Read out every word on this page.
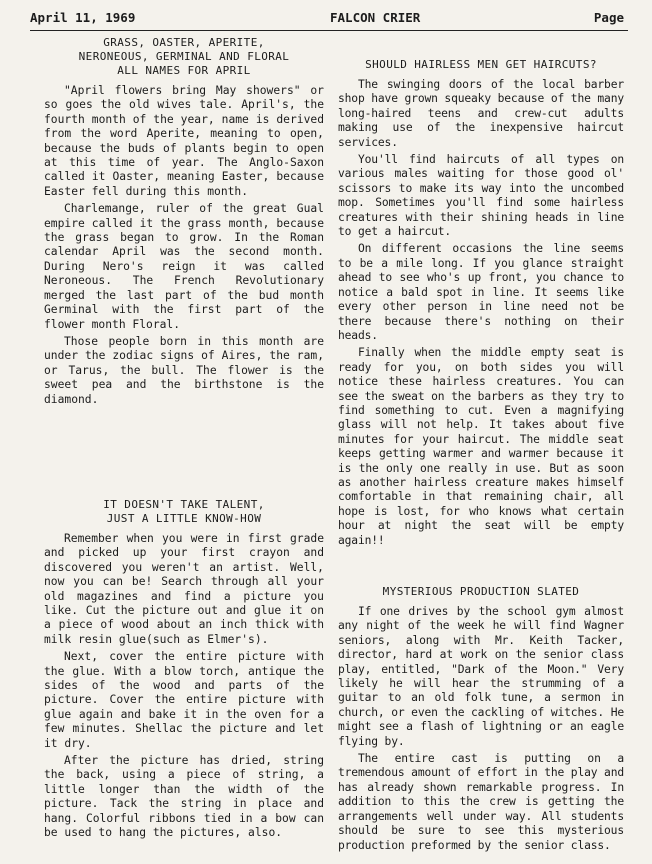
April 11, 1969	FALCON CRIER	Page
GRASS, OASTER, APERITE,
NERONEOUS, GERMINAL AND FLORAL
ALL NAMES FOR APRIL

"April flowers bring May showers" or so goes the old wives tale. April's, the fourth month of the year, name is derived from the word Aperite, meaning to open, because the buds of plants begin to open at this time of year. The Anglo-Saxon called it Oaster, meaning Easter, because Easter fell during this month.

Charlemange, ruler of the great Gual empire called it the grass month, because the grass began to grow. In the Roman calendar April was the second month. During Nero's reign it was called Neroneous. The French Revolutionary merged the last part of the bud month Germinal with the first part of the flower month Floral.

Those people born in this month are under the zodiac signs of Aires, the ram, or Tarus, the bull. The flower is the sweet pea and the birthstone is the diamond.

IT DOESN'T TAKE TALENT,
JUST A LITTLE KNOW-HOW

Remember when you were in first grade and picked up your first crayon and discovered you weren't an artist. Well, now you can be! Search through all your old magazines and find a picture you like. Cut the picture out and glue it on a piece of wood about an inch thick with milk resin glue(such as Elmer's).

Next, cover the entire picture with the glue. With a blow torch, antique the sides of the wood and parts of the picture. Cover the entire picture with glue again and bake it in the oven for a few minutes. Shellac the picture and let it dry.

After the picture has dried, string the back, using a piece of string, a little longer than the width of the picture. Tack the string in place and hang. Colorful ribbons tied in a bow can be used to hang the pictures, also.

SHOULD HAIRLESS MEN GET HAIRCUTS?

The swinging doors of the local barber shop have grown squeaky because of the many long-haired teens and crew-cut adults making use of the inexpensive haircut services.

You'll find haircuts of all types on various males waiting for those good ol' scissors to make its way into the uncombed mop. Sometimes you'll find some hairless creatures with their shining heads in line to get a haircut.

On different occasions the line seems to be a mile long. If you glance straight ahead to see who's up front, you chance to notice a bald spot in line. It seems like every other person in line need not be there because there's nothing on their heads.

Finally when the middle empty seat is ready for you, on both sides you will notice these hairless creatures. You can see the sweat on the barbers as they try to find something to cut. Even a magnifying glass will not help. It takes about five minutes for your haircut. The middle seat keeps getting warmer and warmer because it is the only one really in use. But as soon as another hairless creature makes himself comfortable in that remaining chair, all hope is lost, for who knows what certain hour at night the seat will be empty again!!

MYSTERIOUS PRODUCTION SLATED

If one drives by the school gym almost any night of the week he will find Wagner seniors, along with Mr. Keith Tacker, director, hard at work on the senior class play, entitled, "Dark of the Moon." Very likely he will hear the strumming of a guitar to an old folk tune, a sermon in church, or even the cackling of witches. He might see a flash of lightning or an eagle flying by.

The entire cast is putting on a tremendous amount of effort in the play and has already shown remarkable progress. In addition to this the crew is getting the arrangements well under way. All students should be sure to see this mysterious production preformed by the senior class.
